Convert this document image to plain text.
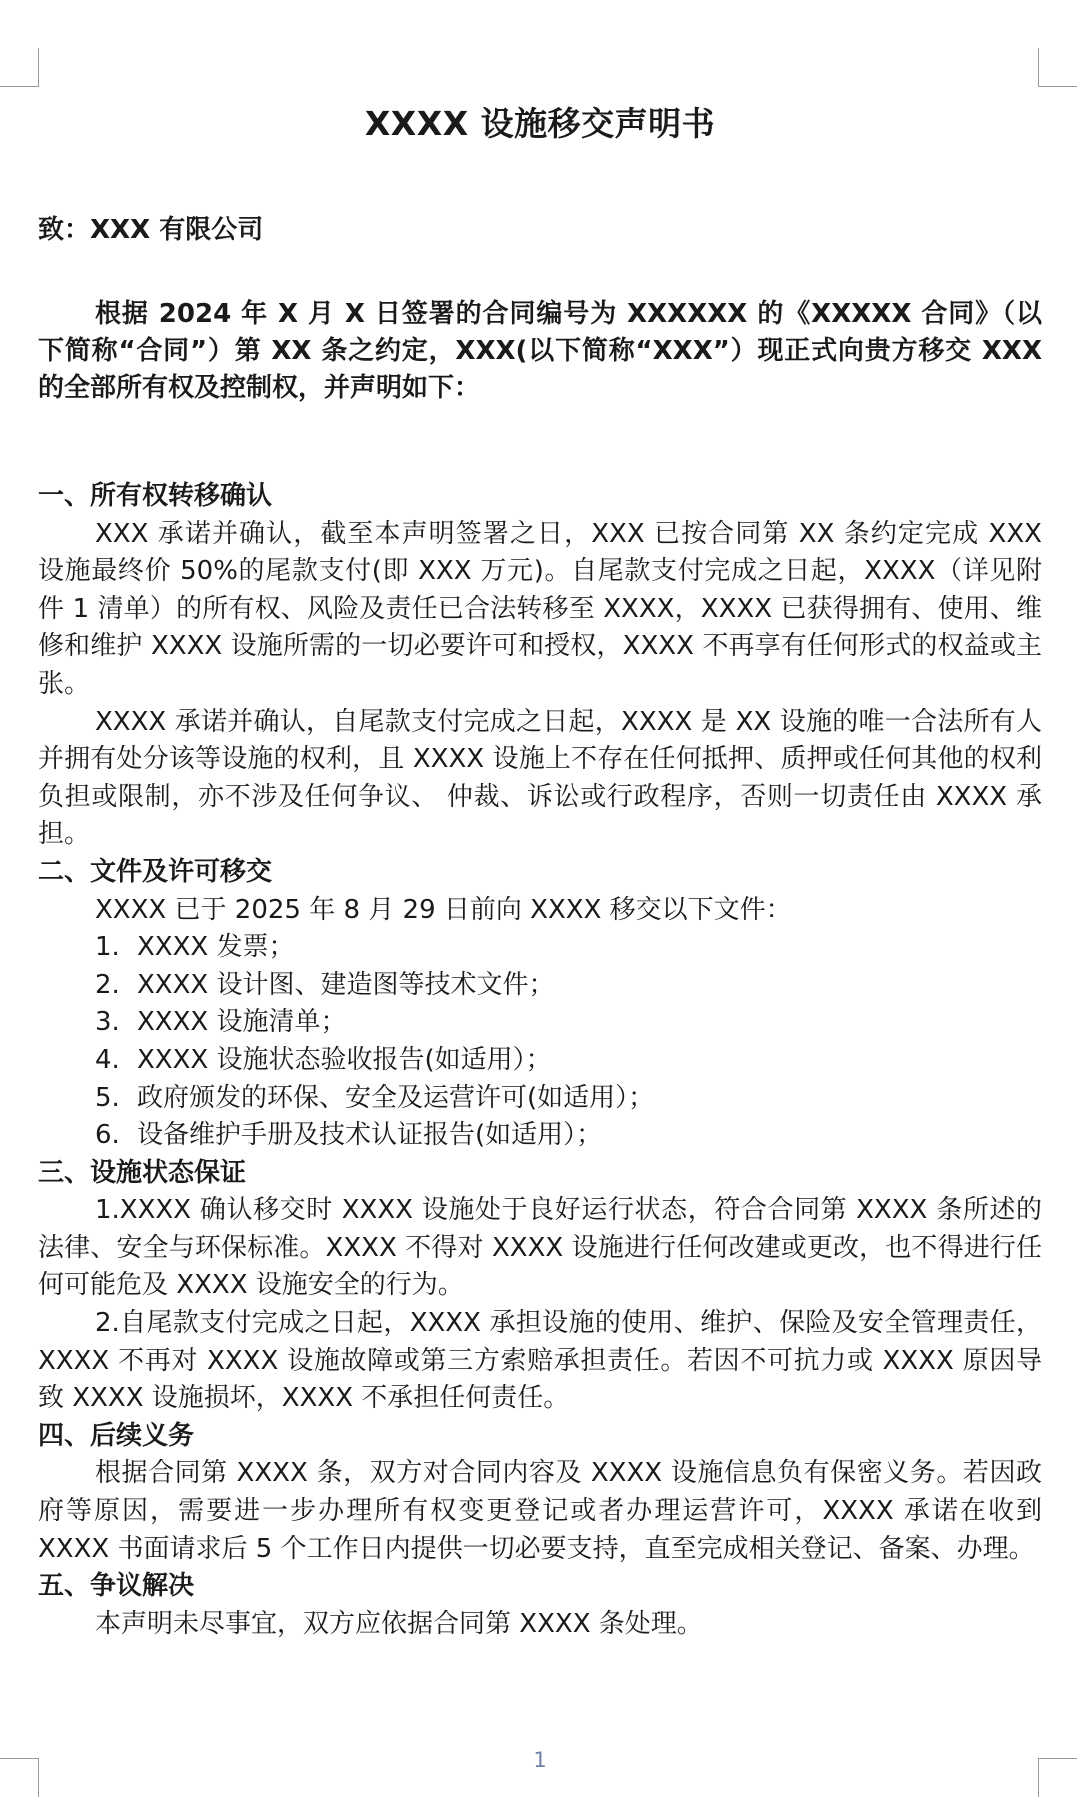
XXXX 设施移交声明书
致：XXX 有限公司
根据 2024 年 X 月 X 日签署的合同编号为 XXXXXX 的《XXXXX 合同》（以下简称“合同”）第 XX 条之约定，XXX(以下简称“XXX”）现正式向贵方移交 XXX 的全部所有权及控制权，并声明如下：

一、所有权转移确认

XXX 承诺并确认，截至本声明签署之日，XXX 已按合同第 XX 条约定完成 XXX 设施最终价 50%的尾款支付(即 XXX 万元)。自尾款支付完成之日起，XXXX（详见附件 1 清单）的所有权、风险及责任已合法转移至 XXXX，XXXX 已获得拥有、使用、维修和维护 XXXX 设施所需的一切必要许可和授权，XXXX 不再享有任何形式的权益或主张。

XXXX 承诺并确认，自尾款支付完成之日起，XXXX 是 XX 设施的唯一合法所有人并拥有处分该等设施的权利，且 XXXX 设施上不存在任何抵押、质押或任何其他的权利负担或限制，亦不涉及任何争议、 仲裁、诉讼或行政程序，否则一切责任由 XXXX 承担。

二、文件及许可移交

XXXX 已于 2025 年 8 月 29 日前向 XXXX 移交以下文件：

1. XXXX 发票；
2. XXXX 设计图、建造图等技术文件；
3. XXXX 设施清单；
4. XXXX 设施状态验收报告(如适用）；
5. 政府颁发的环保、安全及运营许可(如适用）；
6. 设备维护手册及技术认证报告(如适用）；

三、设施状态保证

1.XXXX 确认移交时 XXXX 设施处于良好运行状态，符合合同第 XXXX 条所述的法律、安全与环保标准。XXXX 不得对 XXXX 设施进行任何改建或更改，也不得进行任何可能危及 XXXX 设施安全的行为。

2.自尾款支付完成之日起，XXXX 承担设施的使用、维护、保险及安全管理责任，XXXX 不再对 XXXX 设施故障或第三方索赔承担责任。若因不可抗力或 XXXX 原因导致 XXXX 设施损坏，XXXX 不承担任何责任。

四、后续义务

根据合同第 XXXX 条，双方对合同内容及 XXXX 设施信息负有保密义务。若因政府等原因，需要进一步办理所有权变更登记或者办理运营许可，XXXX 承诺在收到 XXXX 书面请求后 5 个工作日内提供一切必要支持，直至完成相关登记、备案、办理。

五、争议解决

本声明未尽事宜，双方应依据合同第 XXXX 条处理。

1
